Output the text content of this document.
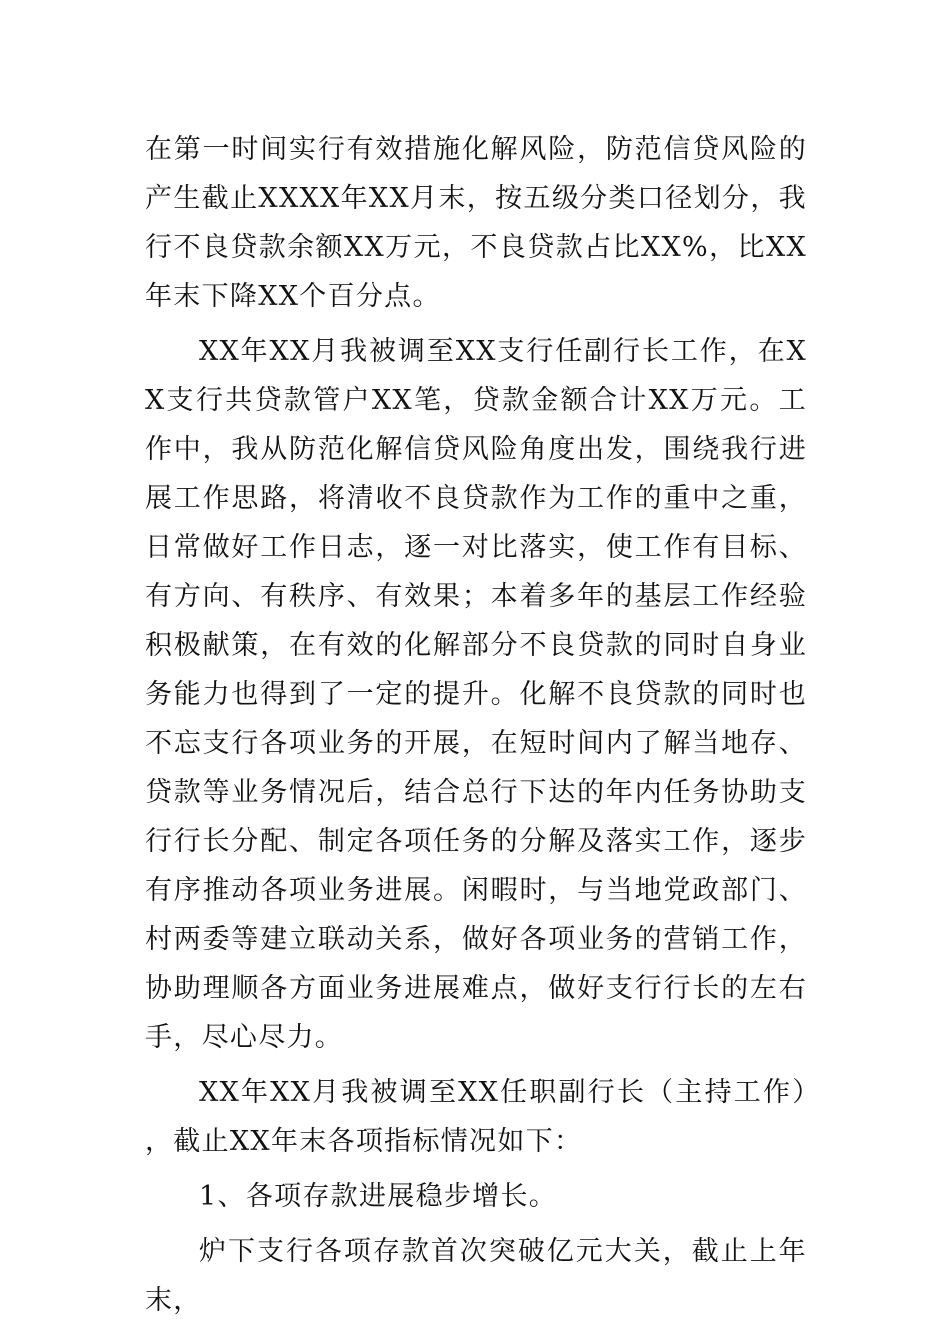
在第一时间实行有效措施化解风险，防范信贷风险的产生截止XXXX年XX月末，按五级分类口径划分，我行不良贷款余额XX万元，不良贷款占比XX%，比XX年末下降XX个百分点。

XX年XX月我被调至XX支行任副行长工作，在XX支行共贷款管户XX笔，贷款金额合计XX万元。工作中，我从防范化解信贷风险角度出发，围绕我行进展工作思路，将清收不良贷款作为工作的重中之重，日常做好工作日志，逐一对比落实，使工作有目标、有方向、有秩序、有效果；本着多年的基层工作经验积极献策，在有效的化解部分不良贷款的同时自身业务能力也得到了一定的提升。化解不良贷款的同时也不忘支行各项业务的开展，在短时间内了解当地存、贷款等业务情况后，结合总行下达的年内任务协助支行行长分配、制定各项任务的分解及落实工作，逐步有序推动各项业务进展。闲暇时，与当地党政部门、村两委等建立联动关系，做好各项业务的营销工作，协助理顺各方面业务进展难点，做好支行行长的左右手，尽心尽力。

XX年XX月我被调至XX任职副行长（主持工作），截止XX年末各项指标情况如下：

1、各项存款进展稳步增长。

炉下支行各项存款首次突破亿元大关，截止上年末，
